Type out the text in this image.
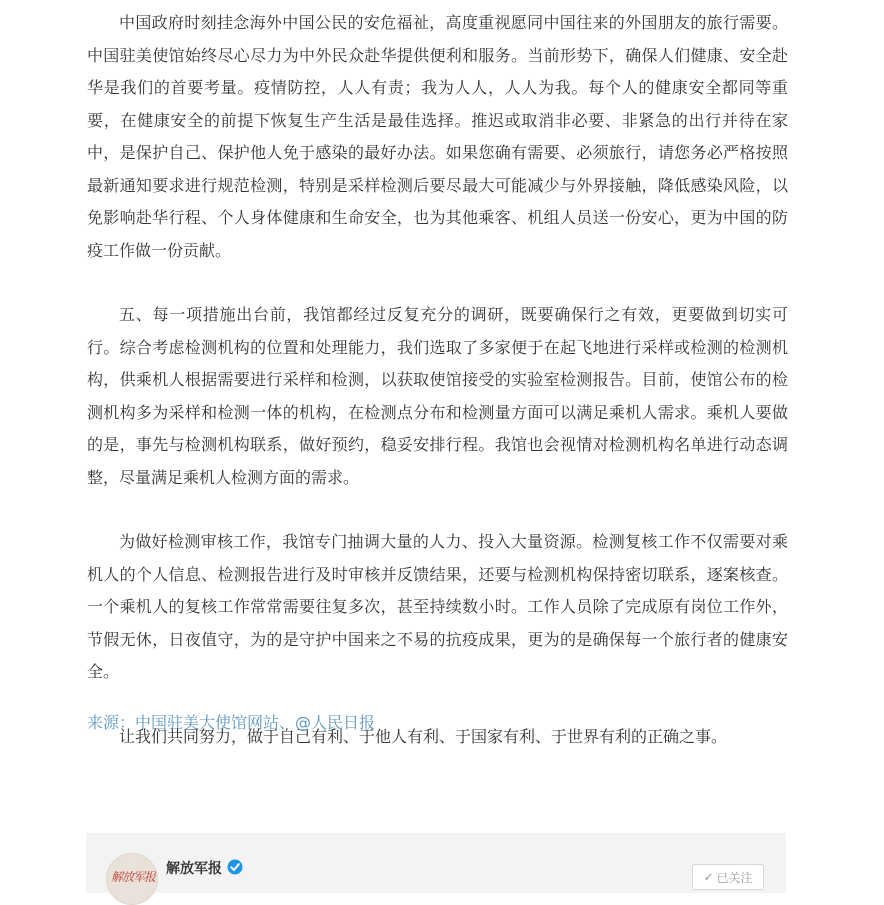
中国政府时刻挂念海外中国公民的安危福祉，高度重视愿同中国往来的外国朋友的旅行需要。中国驻美使馆始终尽心尽力为中外民众赴华提供便利和服务。当前形势下，确保人们健康、安全赴华是我们的首要考量。疫情防控，人人有责；我为人人，人人为我。每个人的健康安全都同等重要，在健康安全的前提下恢复生产生活是最佳选择。推迟或取消非必要、非紧急的出行并待在家中，是保护自己、保护他人免于感染的最好办法。如果您确有需要、必须旅行，请您务必严格按照最新通知要求进行规范检测，特别是采样检测后要尽最大可能减少与外界接触，降低感染风险，以免影响赴华行程、个人身体健康和生命安全，也为其他乘客、机组人员送一份安心，更为中国的防疫工作做一份贡献。

五、每一项措施出台前，我馆都经过反复充分的调研，既要确保行之有效，更要做到切实可行。综合考虑检测机构的位置和处理能力，我们选取了多家便于在起飞地进行采样或检测的检测机构，供乘机人根据需要进行采样和检测，以获取使馆接受的实验室检测报告。目前，使馆公布的检测机构多为采样和检测一体的机构，在检测点分布和检测量方面可以满足乘机人需求。乘机人要做的是，事先与检测机构联系，做好预约，稳妥安排行程。我馆也会视情对检测机构名单进行动态调整，尽量满足乘机人检测方面的需求。

为做好检测审核工作，我馆专门抽调大量的人力、投入大量资源。检测复核工作不仅需要对乘机人的个人信息、检测报告进行及时审核并反馈结果，还要与检测机构保持密切联系，逐案核查。一个乘机人的复核工作常常需要往复多次，甚至持续数小时。工作人员除了完成原有岗位工作外，节假无休，日夜值守，为的是守护中国来之不易的抗疫成果，更为的是确保每一个旅行者的健康安全。

让我们共同努力，做于自己有利、于他人有利、于国家有利、于世界有利的正确之事。

来源：中国驻美大使馆网站、@人民日报
解放军报 解放军报	✓ 已关注
